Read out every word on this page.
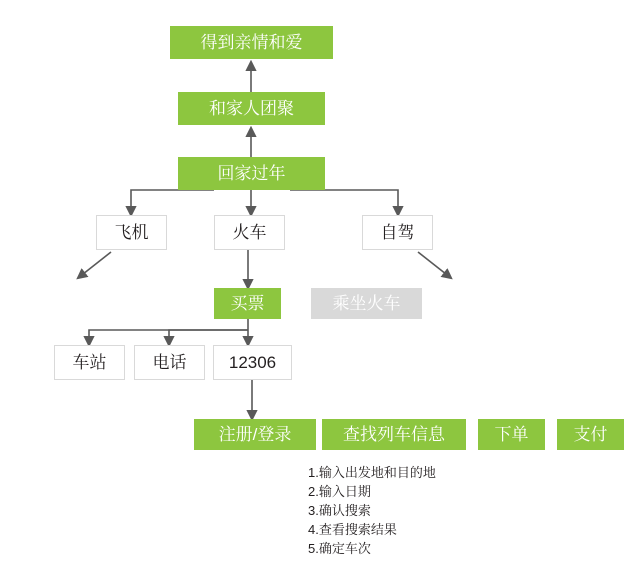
得到亲情和爱
和家人团聚
回家过年
飞机	火车	自驾
买票	乘坐火车
车站	电话	12306
注册/登录	查找列车信息	下单	支付
1.输入出发地和目的地
2.输入日期
3.确认搜索
4.查看搜索结果
5.确定车次
